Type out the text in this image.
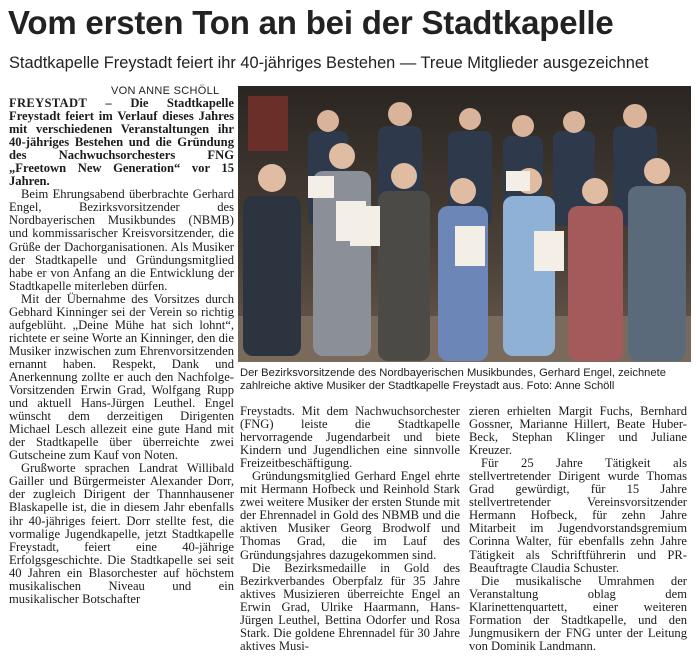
Vom ersten Ton an bei der Stadtkapelle
Stadtkapelle Freystadt feiert ihr 40-jähriges Bestehen — Treue Mitglieder ausgezeichnet
VON ANNE SCHÖLL

FREYSTADT – Die Stadtkapelle Freystadt feiert im Verlauf dieses Jahres mit verschiedenen Veranstaltungen ihr 40-jähriges Bestehen und die Gründung des Nachwuchsorchesters FNG „Freetown New Generation“ vor 15 Jahren.

Beim Ehrungsabend überbrachte Gerhard Engel, Bezirksvorsitzender des Nordbayerischen Musikbundes (NBMB) und kommissarischer Kreisvorsitzender, die Grüße der Dachorganisationen. Als Musiker der Stadtkapelle und Gründungsmitglied habe er von Anfang an die Entwicklung der Stadtkapelle miterleben dürfen.

Mit der Übernahme des Vorsitzes durch Gebhard Kinninger sei der Verein so richtig aufgeblüht. „Deine Mühe hat sich lohnt“, richtete er seine Worte an Kinninger, den die Musiker inzwischen zum Ehrenvorsitzenden ernannt haben. Respekt, Dank und Anerkennung zollte er auch den Nachfolge-Vorsitzenden Erwin Grad, Wolfgang Rupp und aktuell Hans-Jürgen Leuthel. Engel wünscht dem derzeitigen Dirigenten Michael Lesch allezeit eine gute Hand mit der Stadtkapelle über überreichte zwei Gutscheine zum Kauf von Noten.

Grußworte sprachen Landrat Willibald Gailler und Bürgermeister Alexander Dorr, der zugleich Dirigent der Thannhausener Blaskapelle ist, die in diesem Jahr ebenfalls ihr 40-jähriges feiert. Dorr stellte fest, die vormalige Jugendkapelle, jetzt Stadtkapelle Freystadt, feiert eine 40-jährige Erfolgsgeschichte. Die Stadtkapelle sei seit 40 Jahren ein Blasorchester auf höchstem musikalischen Niveau und ein musikalischer Botschafter

Der Bezirksvorsitzende des Nordbayerischen Musikbundes, Gerhard Engel, zeichnete zahlreiche aktive Musiker der Stadtkapelle Freystadt aus. Foto: Anne Schöll

Freystadts. Mit dem Nachwuchsorchester (FNG) leiste die Stadtkapelle hervorragende Jugendarbeit und biete Kindern und Jugendlichen eine sinnvolle Freizeitbeschäftigung.

Gründungsmitglied Gerhard Engel ehrte mit Hermann Hofbeck und Reinhold Stark zwei weitere Musiker der ersten Stunde mit der Ehrennadel in Gold des NBMB und die aktiven Musiker Georg Brodwolf und Thomas Grad, die im Lauf des Gründungsjahres dazugekommen sind.

Die Bezirksmedaille in Gold des Bezirkverbandes Oberpfalz für 35 Jahre aktives Musizieren überreichte Engel an Erwin Grad, Ulrike Haarmann, Hans-Jürgen Leuthel, Bettina Odorfer und Rosa Stark. Die goldene Ehrennadel für 30 Jahre aktives Musi-

zieren erhielten Margit Fuchs, Bernhard Gossner, Marianne Hillert, Beate Huber-Beck, Stephan Klinger und Juliane Kreuzer.

Für 25 Jahre Tätigkeit als stellvertretender Dirigent wurde Thomas Grad gewürdigt, für 15 Jahre stellvertretender Vereinsvorsitzender Hermann Hofbeck, für zehn Jahre Mitarbeit im Jugendvorstandsgremium Corinna Walter, für ebenfalls zehn Jahre Tätigkeit als Schriftführerin und PR-Beauftragte Claudia Schuster.

Die musikalische Umrahmen der Veranstaltung oblag dem Klarinettenquartett, einer weiteren Formation der Stadtkapelle, und den Jungmusikern der FNG unter der Leitung von Dominik Landmann.
